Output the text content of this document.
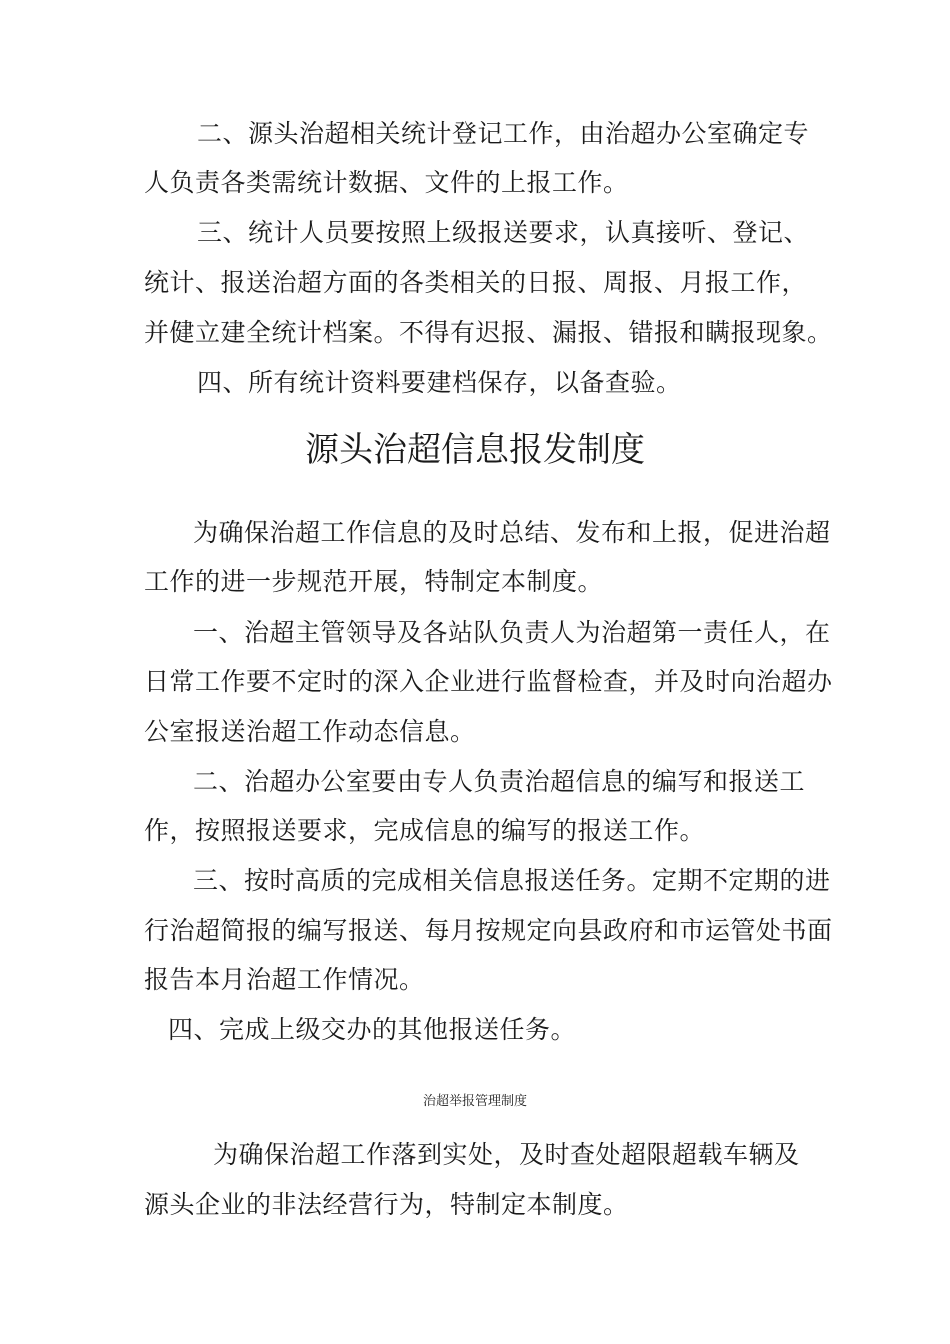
二、源头治超相关统计登记工作，由治超办公室确定专
人负责各类需统计数据、文件的上报工作。
三、统计人员要按照上级报送要求，认真接听、登记、
统计、报送治超方面的各类相关的日报、周报、月报工作，
并健立建全统计档案。不得有迟报、漏报、错报和瞒报现象。
四、所有统计资料要建档保存，以备查验。
源头治超信息报发制度
为确保治超工作信息的及时总结、发布和上报，促进治超
工作的进一步规范开展，特制定本制度。
一、治超主管领导及各站队负责人为治超第一责任人，在
日常工作要不定时的深入企业进行监督检查，并及时向治超办
公室报送治超工作动态信息。
二、治超办公室要由专人负责治超信息的编写和报送工
作，按照报送要求，完成信息的编写的报送工作。
三、按时高质的完成相关信息报送任务。定期不定期的进
行治超简报的编写报送、每月按规定向县政府和市运管处书面
报告本月治超工作情况。
四、完成上级交办的其他报送任务。
治超举报管理制度
为确保治超工作落到实处，及时查处超限超载车辆及
源头企业的非法经营行为，特制定本制度。
